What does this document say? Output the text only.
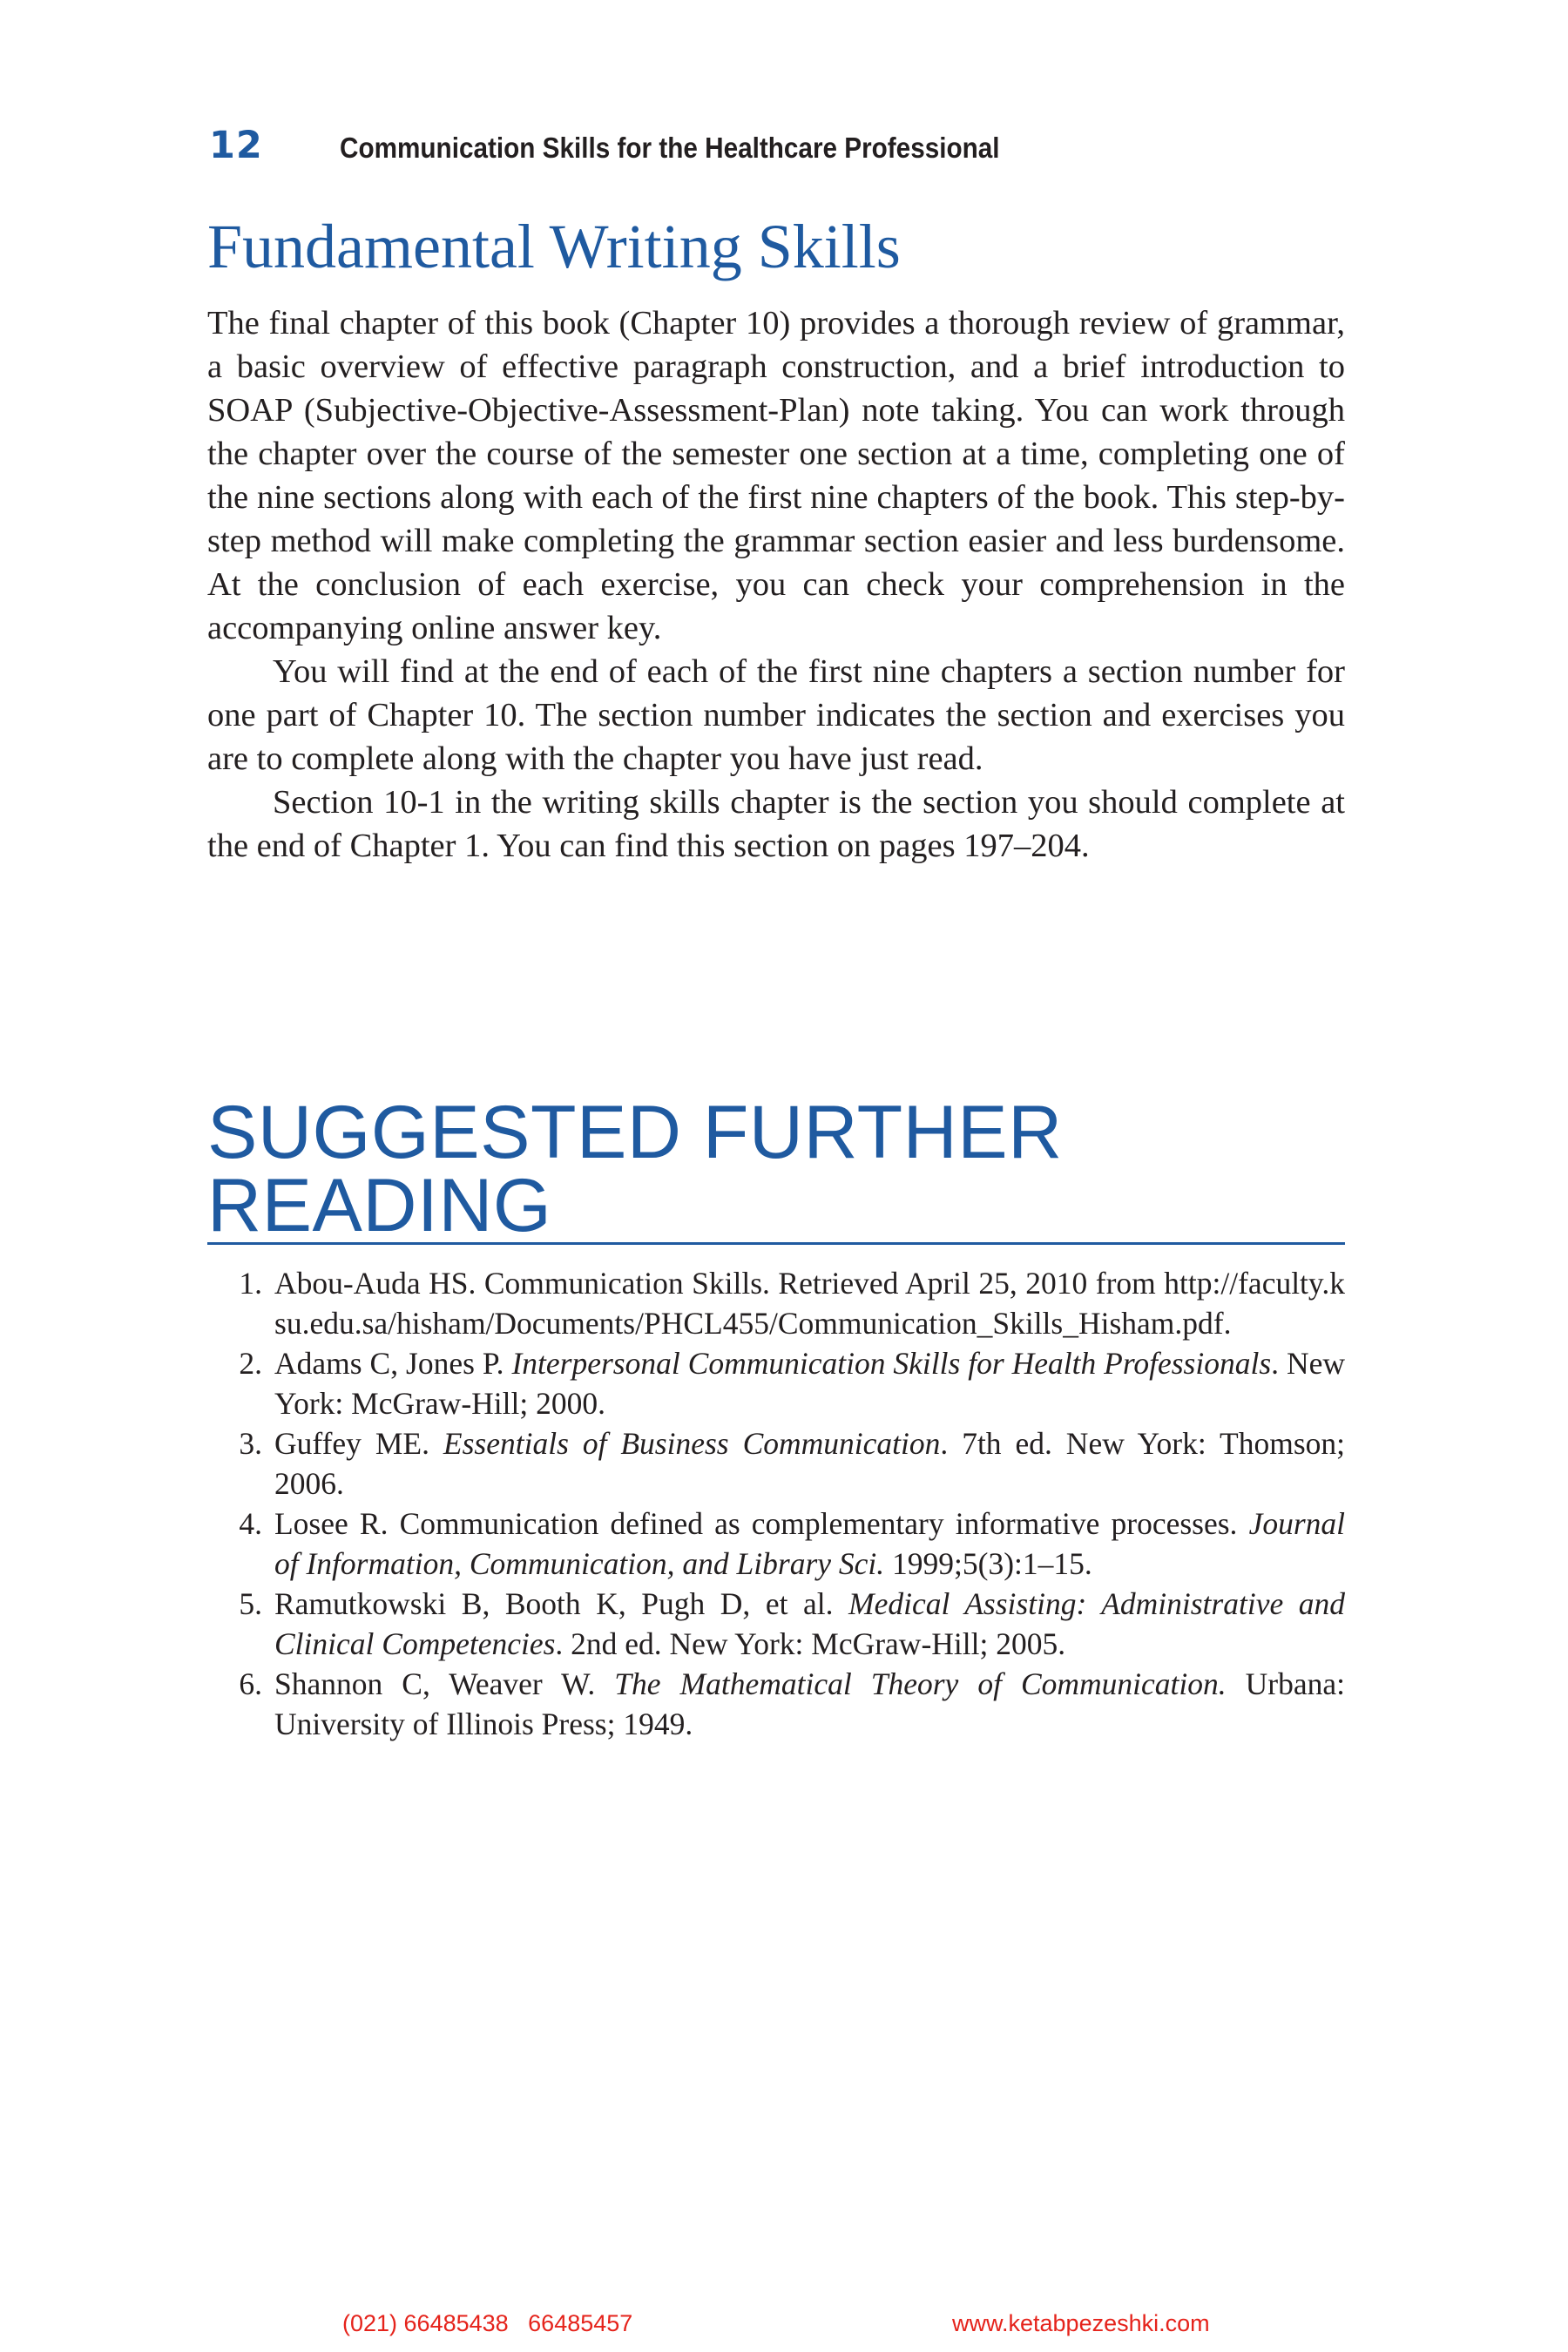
12	Communication Skills for the Healthcare Professional
Fundamental Writing Skills

The final chapter of this book (Chapter 10) provides a thorough review of grammar, a basic overview of effective paragraph construction, and a brief introduction to SOAP (Subjective-Objective-Assessment-Plan) note taking. You can work through the chapter over the course of the semester one section at a time, completing one of the nine sections along with each of the first nine chapters of the book. This step-by-step method will make completing the grammar section easier and less burdensome. At the conclusion of each exercise, you can check your comprehension in the accompanying online answer key.

You will find at the end of each of the first nine chapters a section number for one part of Chapter 10. The section number indicates the section and exercises you are to complete along with the chapter you have just read.

Section 10-1 in the writing skills chapter is the section you should complete at the end of Chapter 1. You can find this section on pages 197–204.

SUGGESTED FURTHER READING
1. Abou-Auda HS. Communication Skills. Retrieved April 25, 2010 from http://faculty.ksu.edu.sa/hisham/Documents/PHCL455/Communication_Skills_Hisham.pdf.
2. Adams C, Jones P. Interpersonal Communication Skills for Health Professionals. New York: McGraw-Hill; 2000.
3. Guffey ME. Essentials of Business Communication. 7th ed. New York: Thomson; 2006.
4. Losee R. Communication defined as complementary informative processes. Journal of Information, Communication, and Library Sci. 1999;5(3):1–15.
5. Ramutkowski B, Booth K, Pugh D, et al. Medical Assisting: Administrative and Clinical Competencies. 2nd ed. New York: McGraw-Hill; 2005.
6. Shannon C, Weaver W. The Mathematical Theory of Communication. Urbana: University of Illinois Press; 1949.
(021) 66485438   66485457	www.ketabpezeshki.com
